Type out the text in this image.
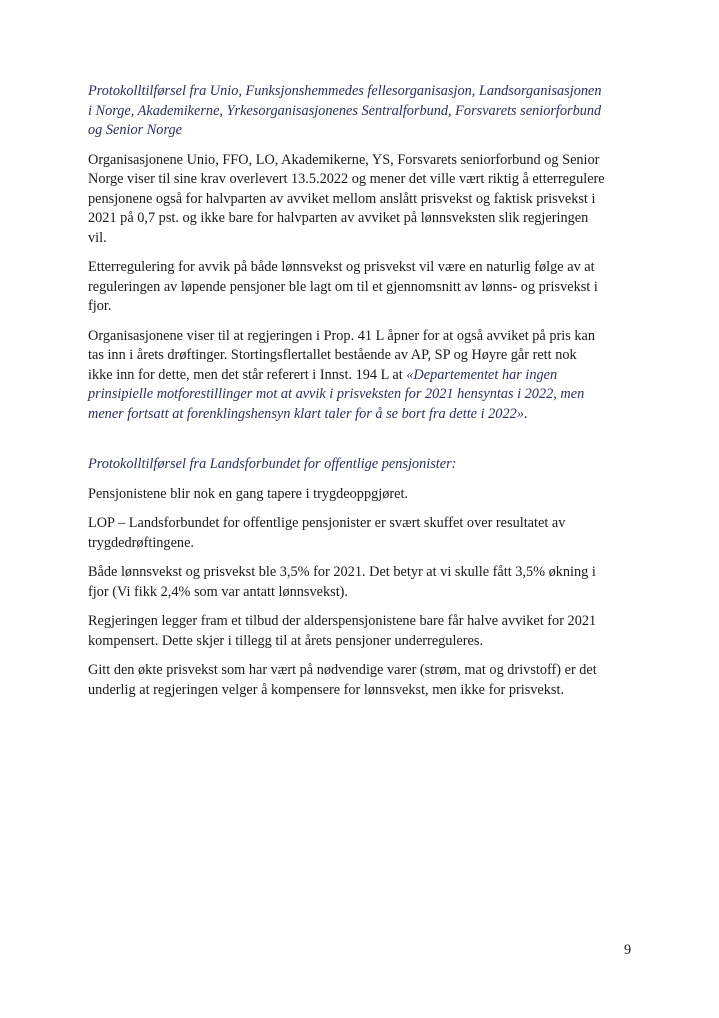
Protokolltilførsel fra Unio, Funksjonshemmedes fellesorganisasjon, Landsorganisasjonen
i Norge, Akademikerne, Yrkesorganisasjonenes Sentralforbund, Forsvarets seniorforbund
og Senior Norge

Organisasjonene Unio, FFO, LO, Akademikerne, YS, Forsvarets seniorforbund og Senior
Norge viser til sine krav overlevert 13.5.2022 og mener det ville vært riktig å etterregulere
pensjonene også for halvparten av avviket mellom anslått prisvekst og faktisk prisvekst i
2021 på 0,7 pst. og ikke bare for halvparten av avviket på lønnsveksten slik regjeringen
vil.

Etterregulering for avvik på både lønnsvekst og prisvekst vil være en naturlig følge av at
reguleringen av løpende pensjoner ble lagt om til et gjennomsnitt av lønns- og prisvekst i
fjor.

Organisasjonene viser til at regjeringen i Prop. 41 L åpner for at også avviket på pris kan
tas inn i årets drøftinger. Stortingsflertallet bestående av AP, SP og Høyre går rett nok
ikke inn for dette, men det står referert i Innst. 194 L at «Departementet har ingen
prinsipielle motforestillinger mot at avvik i prisveksten for 2021 hensyntas i 2022, men
mener fortsatt at forenklingshensyn klart taler for å se bort fra dette i 2022».

Protokolltilførsel fra Landsforbundet for offentlige pensjonister:

Pensjonistene blir nok en gang tapere i trygdeoppgjøret.

LOP – Landsforbundet for offentlige pensjonister er svært skuffet over resultatet av
trygdedrøftingene.

Både lønnsvekst og prisvekst ble 3,5% for 2021. Det betyr at vi skulle fått 3,5% økning i
fjor (Vi fikk 2,4% som var antatt lønnsvekst).

Regjeringen legger fram et tilbud der alderspensjonistene bare får halve avviket for 2021
kompensert. Dette skjer i tillegg til at årets pensjoner underreguleres.

Gitt den økte prisvekst som har vært på nødvendige varer (strøm, mat og drivstoff) er det
underlig at regjeringen velger å kompensere for lønnsvekst, men ikke for prisvekst.

9
